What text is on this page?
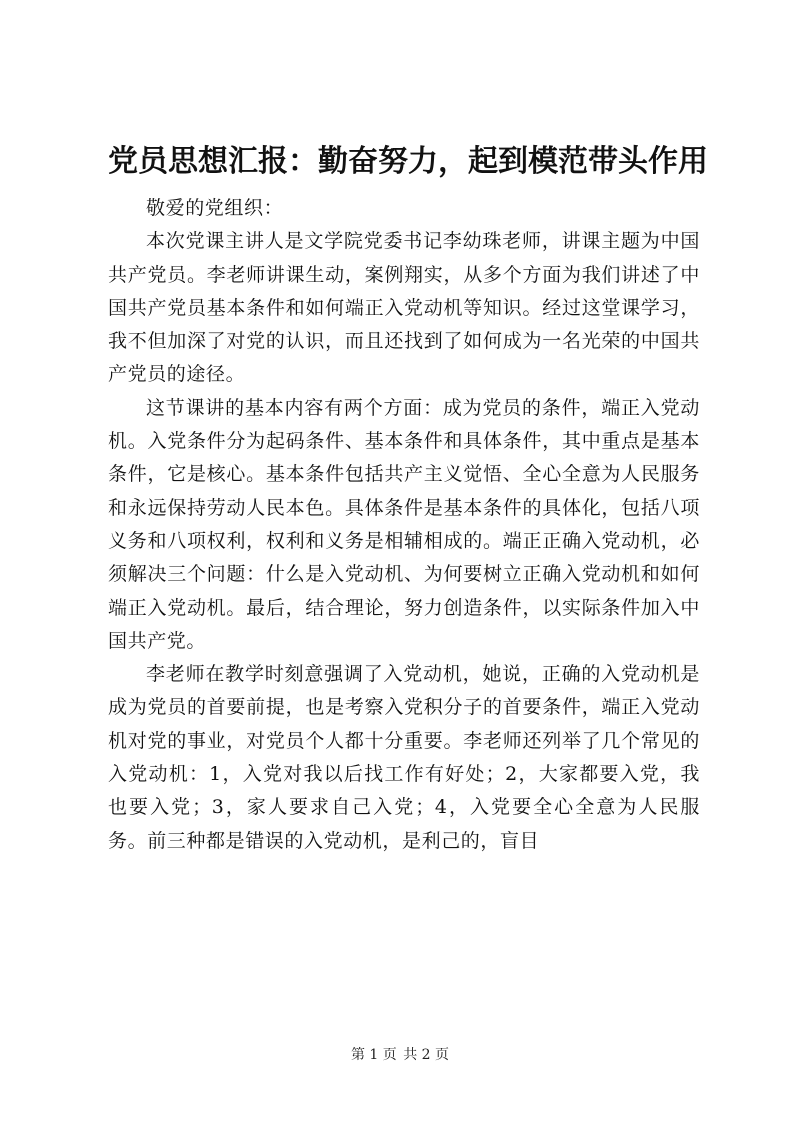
党员思想汇报：勤奋努力，起到模范带头作用

敬爱的党组织：

本次党课主讲人是文学院党委书记李幼珠老师，讲课主题为中国共产党员。李老师讲课生动，案例翔实，从多个方面为我们讲述了中国共产党员基本条件和如何端正入党动机等知识。经过这堂课学习，我不但加深了对党的认识，而且还找到了如何成为一名光荣的中国共产党员的途径。

这节课讲的基本内容有两个方面：成为党员的条件，端正入党动机。入党条件分为起码条件、基本条件和具体条件，其中重点是基本条件，它是核心。基本条件包括共产主义觉悟、全心全意为人民服务和永远保持劳动人民本色。具体条件是基本条件的具体化，包括八项义务和八项权利，权利和义务是相辅相成的。端正正确入党动机，必须解决三个问题：什么是入党动机、为何要树立正确入党动机和如何端正入党动机。最后，结合理论，努力创造条件，以实际条件加入中国共产党。

李老师在教学时刻意强调了入党动机，她说，正确的入党动机是成为党员的首要前提，也是考察入党积分子的首要条件，端正入党动机对党的事业，对党员个人都十分重要。李老师还列举了几个常见的入党动机：1，入党对我以后找工作有好处；2，大家都要入党，我也要入党；3，家人要求自己入党；4，入党要全心全意为人民服务。前三种都是错误的入党动机，是利己的，盲目

第 1 页 共 2 页
